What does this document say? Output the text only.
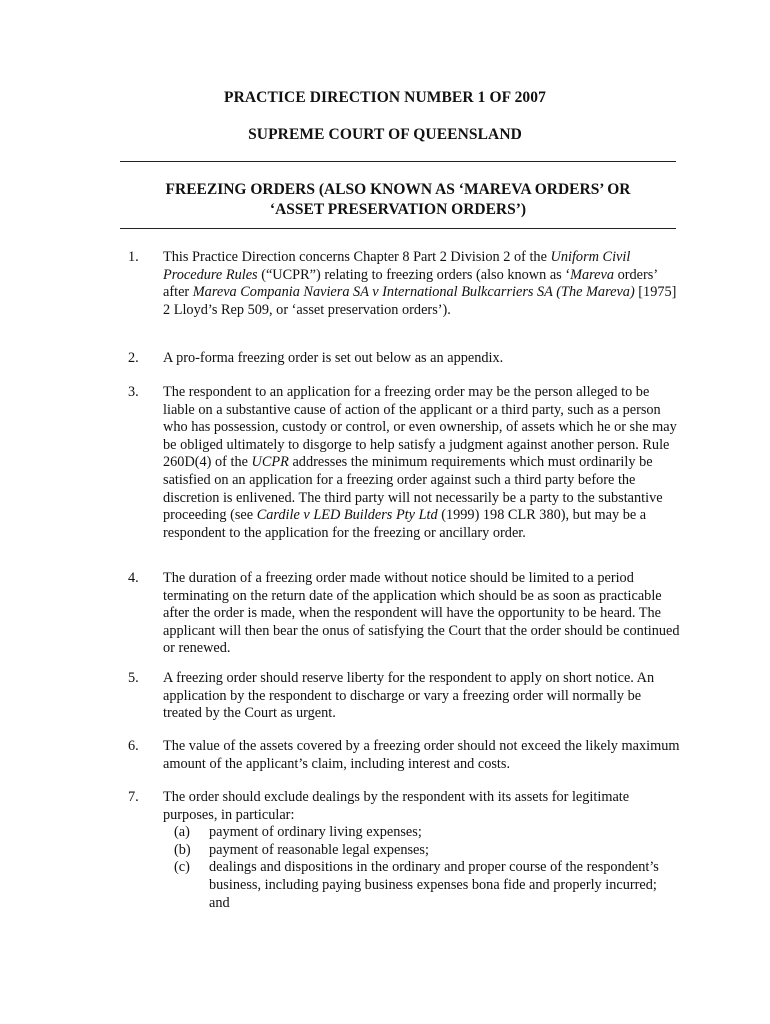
PRACTICE DIRECTION NUMBER 1 OF 2007
SUPREME COURT OF QUEENSLAND
FREEZING ORDERS (ALSO KNOWN AS ‘MAREVA ORDERS’ OR
‘ASSET PRESERVATION ORDERS’)
1. This Practice Direction concerns Chapter 8 Part 2 Division 2 of the Uniform Civil Procedure Rules (“UCPR”) relating to freezing orders (also known as ‘Mareva orders’ after Mareva Compania Naviera SA v International Bulkcarriers SA (The Mareva) [1975] 2 Lloyd’s Rep 509, or ‘asset preservation orders’).
2. A pro-forma freezing order is set out below as an appendix.
3. The respondent to an application for a freezing order may be the person alleged to be liable on a substantive cause of action of the applicant or a third party, such as a person who has possession, custody or control, or even ownership, of assets which he or she may be obliged ultimately to disgorge to help satisfy a judgment against another person. Rule 260D(4) of the UCPR addresses the minimum requirements which must ordinarily be satisfied on an application for a freezing order against such a third party before the discretion is enlivened. The third party will not necessarily be a party to the substantive proceeding (see Cardile v LED Builders Pty Ltd (1999) 198 CLR 380), but may be a respondent to the application for the freezing or ancillary order.
4. The duration of a freezing order made without notice should be limited to a period terminating on the return date of the application which should be as soon as practicable after the order is made, when the respondent will have the opportunity to be heard. The applicant will then bear the onus of satisfying the Court that the order should be continued or renewed.
5. A freezing order should reserve liberty for the respondent to apply on short notice. An application by the respondent to discharge or vary a freezing order will normally be treated by the Court as urgent.
6. The value of the assets covered by a freezing order should not exceed the likely maximum amount of the applicant’s claim, including interest and costs.
7. The order should exclude dealings by the respondent with its assets for legitimate purposes, in particular:
(a) payment of ordinary living expenses;
(b) payment of reasonable legal expenses;
(c) dealings and dispositions in the ordinary and proper course of the respondent’s business, including paying business expenses bona fide and properly incurred; and
